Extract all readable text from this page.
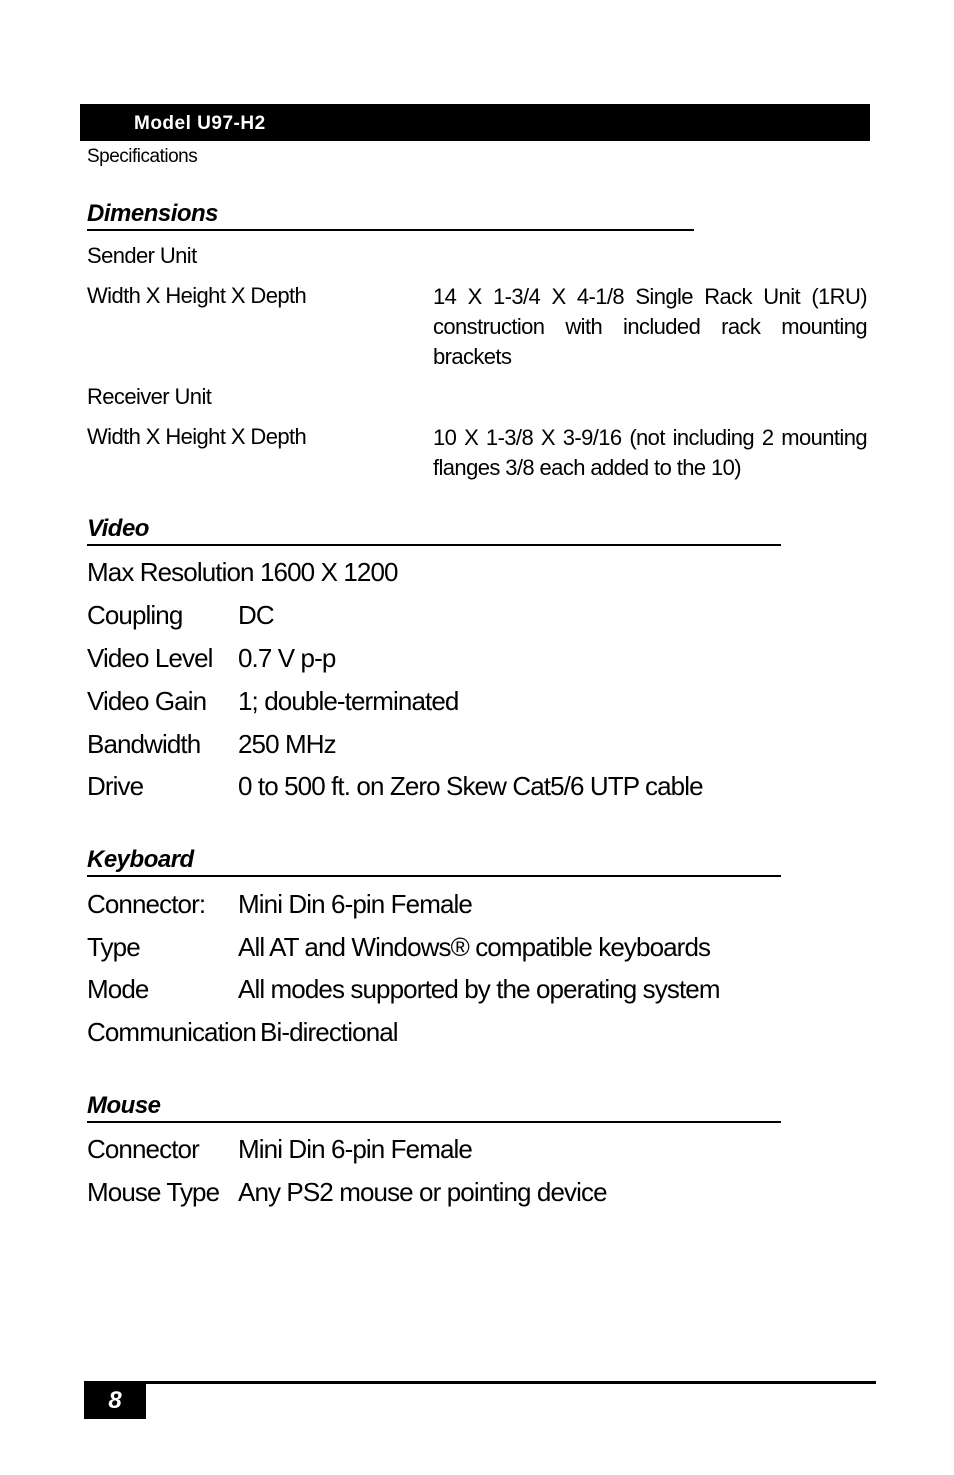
Model U97-H2
Specifications
Dimensions
Sender Unit
Width X Height X Depth	14 X 1-3/4 X 4-1/8 Single Rack Unit (1RU) construction with included rack mounting brackets
Receiver Unit
Width X Height X Depth	10 X 1-3/8 X 3-9/16 (not including 2 mounting flanges 3/8 each added to the 10)
Video
Max Resolution 1600 X 1200
Coupling DC
Video Level 0.7 V p-p
Video Gain 1; double-terminated
Bandwidth 250 MHz
Drive	0 to 500 ft. on Zero Skew Cat5/6 UTP cable
Keyboard
Connector: Mini Din 6-pin Female
Type	All AT and Windows® compatible keyboards
Mode	All modes supported by the operating system
Communication Bi-directional
Mouse
Connector Mini Din 6-pin Female
Mouse Type Any PS2 mouse or pointing device
8
